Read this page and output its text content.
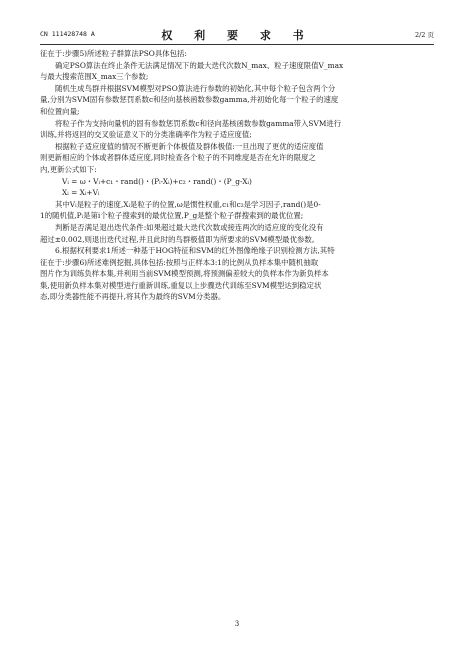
CN 111428748 A	权 利 要 求 书	2/2 页
征在于:步骤5)所述粒子群算法PSO具体包括:
确定PSO算法在终止条件无法满足情况下的最大迭代次数N_max、粒子速度限值V_max
与最大搜索范围X_max三个参数;
随机生成鸟群并根据SVM模型对PSO算法进行参数的初始化,其中每个粒子包含两个分
量,分别为SVM固有参数惩罚系数c和径向基核函数参数gamma,并初始化每一个粒子的速度
和位置向量;
将粒子作为支持向量机的固有参数惩罚系数c和径向基核函数参数gamma带入SVM进行
训练,并将返回的交叉验证意义下的分类准确率作为粒子适应度值;
根据粒子适应度值的情况不断更新个体极值及群体极值:一旦出现了更优的适应度值
则更新相应的个体或者群体适应度,同时检查各个粒子的不同维度是否在允许的限度之
内,更新公式如下:
Vᵢ = ω・Vᵢ+c₁・rand()・(Pᵢ-Xᵢ)+c₂・rand()・(P_g-Xᵢ)
Xᵢ = Xᵢ+Vᵢ
其中Vᵢ是粒子的速度,Xᵢ是粒子的位置,ω是惯性权重,c₁和c₂是学习因子,rand()是0-
1的随机值,Pᵢ是第i个粒子搜索到的最优位置,P_g是整个粒子群搜索到的最优位置;
判断是否满足退出迭代条件:如果超过最大迭代次数或接连两次的适应度的变化没有
超过±0.002,则退出迭代过程,并且此时的鸟群极值即为所要求的SVM模型最优参数。
6.根据权利要求1所述一种基于HOG特征和SVM的红外图像绝缘子识别检测方法,其特
征在于:步骤6)所述难例挖掘,具体包括:按照与正样本3:1的比例从负样本集中随机抽取
图片作为训练负样本集,并利用当前SVM模型预测,将预测偏差较大的负样本作为新负样本
集,使用新负样本集对模型进行重新训练,重复以上步骤迭代训练至SVM模型达到稳定状
态,即分类器性能不再提升,将其作为最终的SVM分类器。
3
